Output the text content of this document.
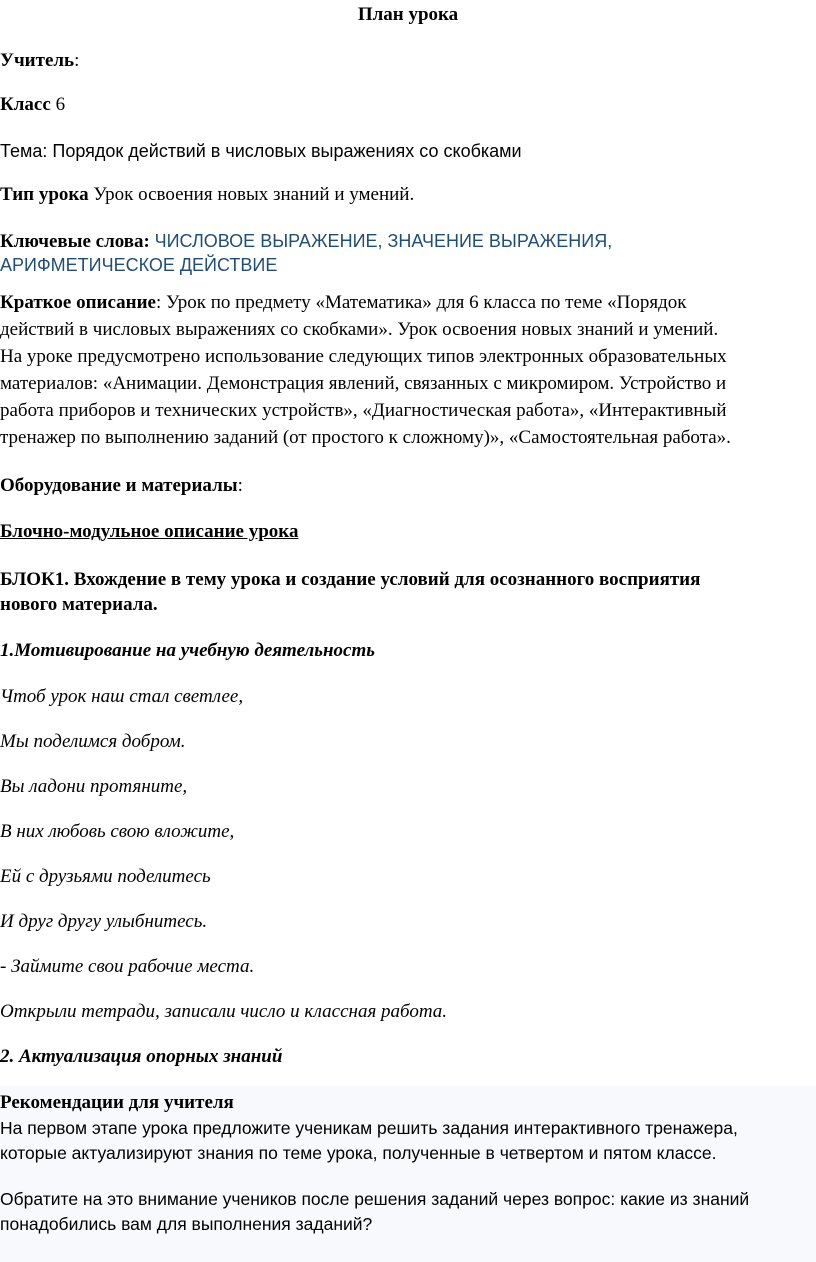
План урока

Учитель:

Класс 6

Тема: Порядок действий в числовых выражениях со скобками

Тип урока Урок освоения новых знаний и умений.

Ключевые слова: ЧИСЛОВОЕ ВЫРАЖЕНИЕ, ЗНАЧЕНИЕ ВЫРАЖЕНИЯ,

АРИФМЕТИЧЕСКОЕ ДЕЙСТВИЕ

Краткое описание: Урок по предмету «Математика» для 6 класса по теме «Порядок

действий в числовых выражениях со скобками». Урок освоения новых знаний и умений.

На уроке предусмотрено использование следующих типов электронных образовательных

материалов: «Анимации. Демонстрация явлений, связанных с микромиром. Устройство и

работа приборов и технических устройств», «Диагностическая работа», «Интерактивный

тренажер по выполнению заданий (от простого к сложному)», «Самостоятельная работа».

Оборудование и материалы:

Блочно-модульное описание урока

БЛОК1. Вхождение в тему урока и создание условий для осознанного восприятия

нового материала.

1.Мотивирование на учебную деятельность

Чтоб урок наш стал светлее,

Мы поделимся добром.

Вы ладони протяните,

В них любовь свою вложите,

Ей с друзьями поделитесь

И друг другу улыбнитесь.

- Займите свои рабочие места.

Открыли тетради, записали число и классная работа.

2. Актуализация опорных знаний

Рекомендации для учителя

На первом этапе урока предложите ученикам решить задания интерактивного тренажера,

которые актуализируют знания по теме урока, полученные в четвертом и пятом классе.

Обратите на это внимание учеников после решения заданий через вопрос: какие из знаний

понадобились вам для выполнения заданий?
